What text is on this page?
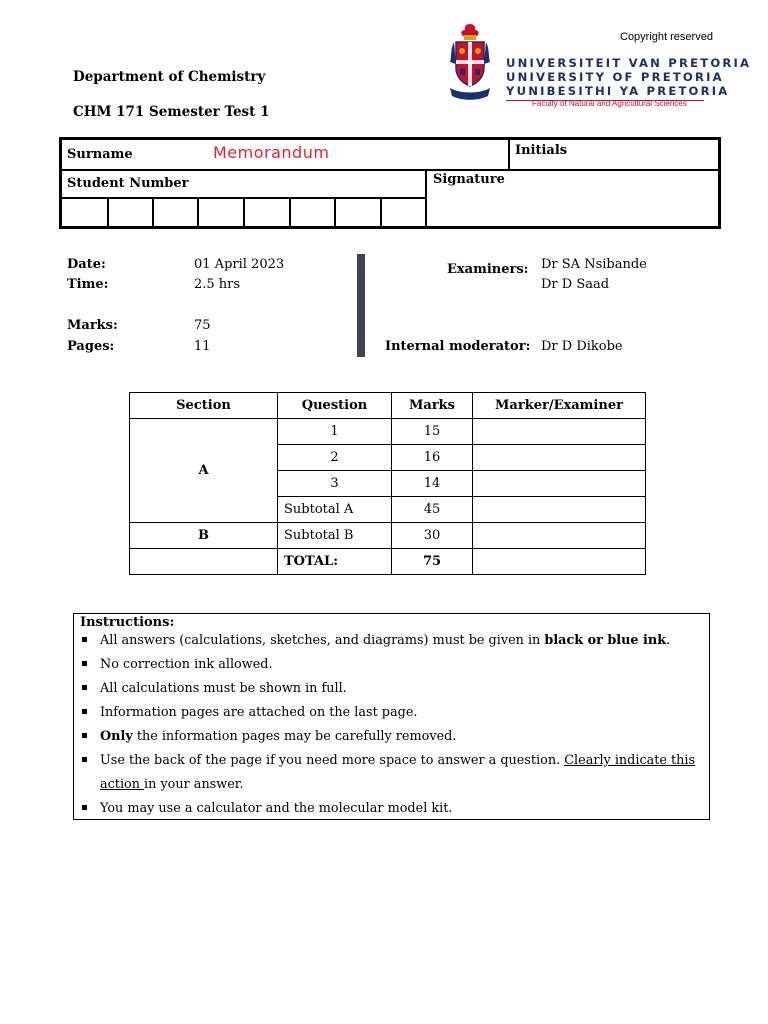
Copyright reserved
Department of Chemistry
CHM 171 Semester Test 1
UNIVERSITEIT VAN PRETORIA
UNIVERSITY OF PRETORIA
YUNIBESITHI YA PRETORIA
Faculty of Natural and Agricultural Sciences
Surname	Memorandum	Initials
Student Number	Signature
Date:	01 April 2023
Time:	2.5 hrs
Marks:	75
Pages:	11
Examiners: Dr SA Nsibande
Dr D Saad
Internal moderator: Dr D Dikobe
Section	Question	Marks	Marker/Examiner
A	1	15	
	2	16	
	3	14	
	Subtotal A	45	
B	Subtotal B	30	
	TOTAL:	75	
Instructions:
All answers (calculations, sketches, and diagrams) must be given in black or blue ink.
No correction ink allowed.
All calculations must be shown in full.
Information pages are attached on the last page.
Only the information pages may be carefully removed.
Use the back of the page if you need more space to answer a question. Clearly indicate this action in your answer.
You may use a calculator and the molecular model kit.
